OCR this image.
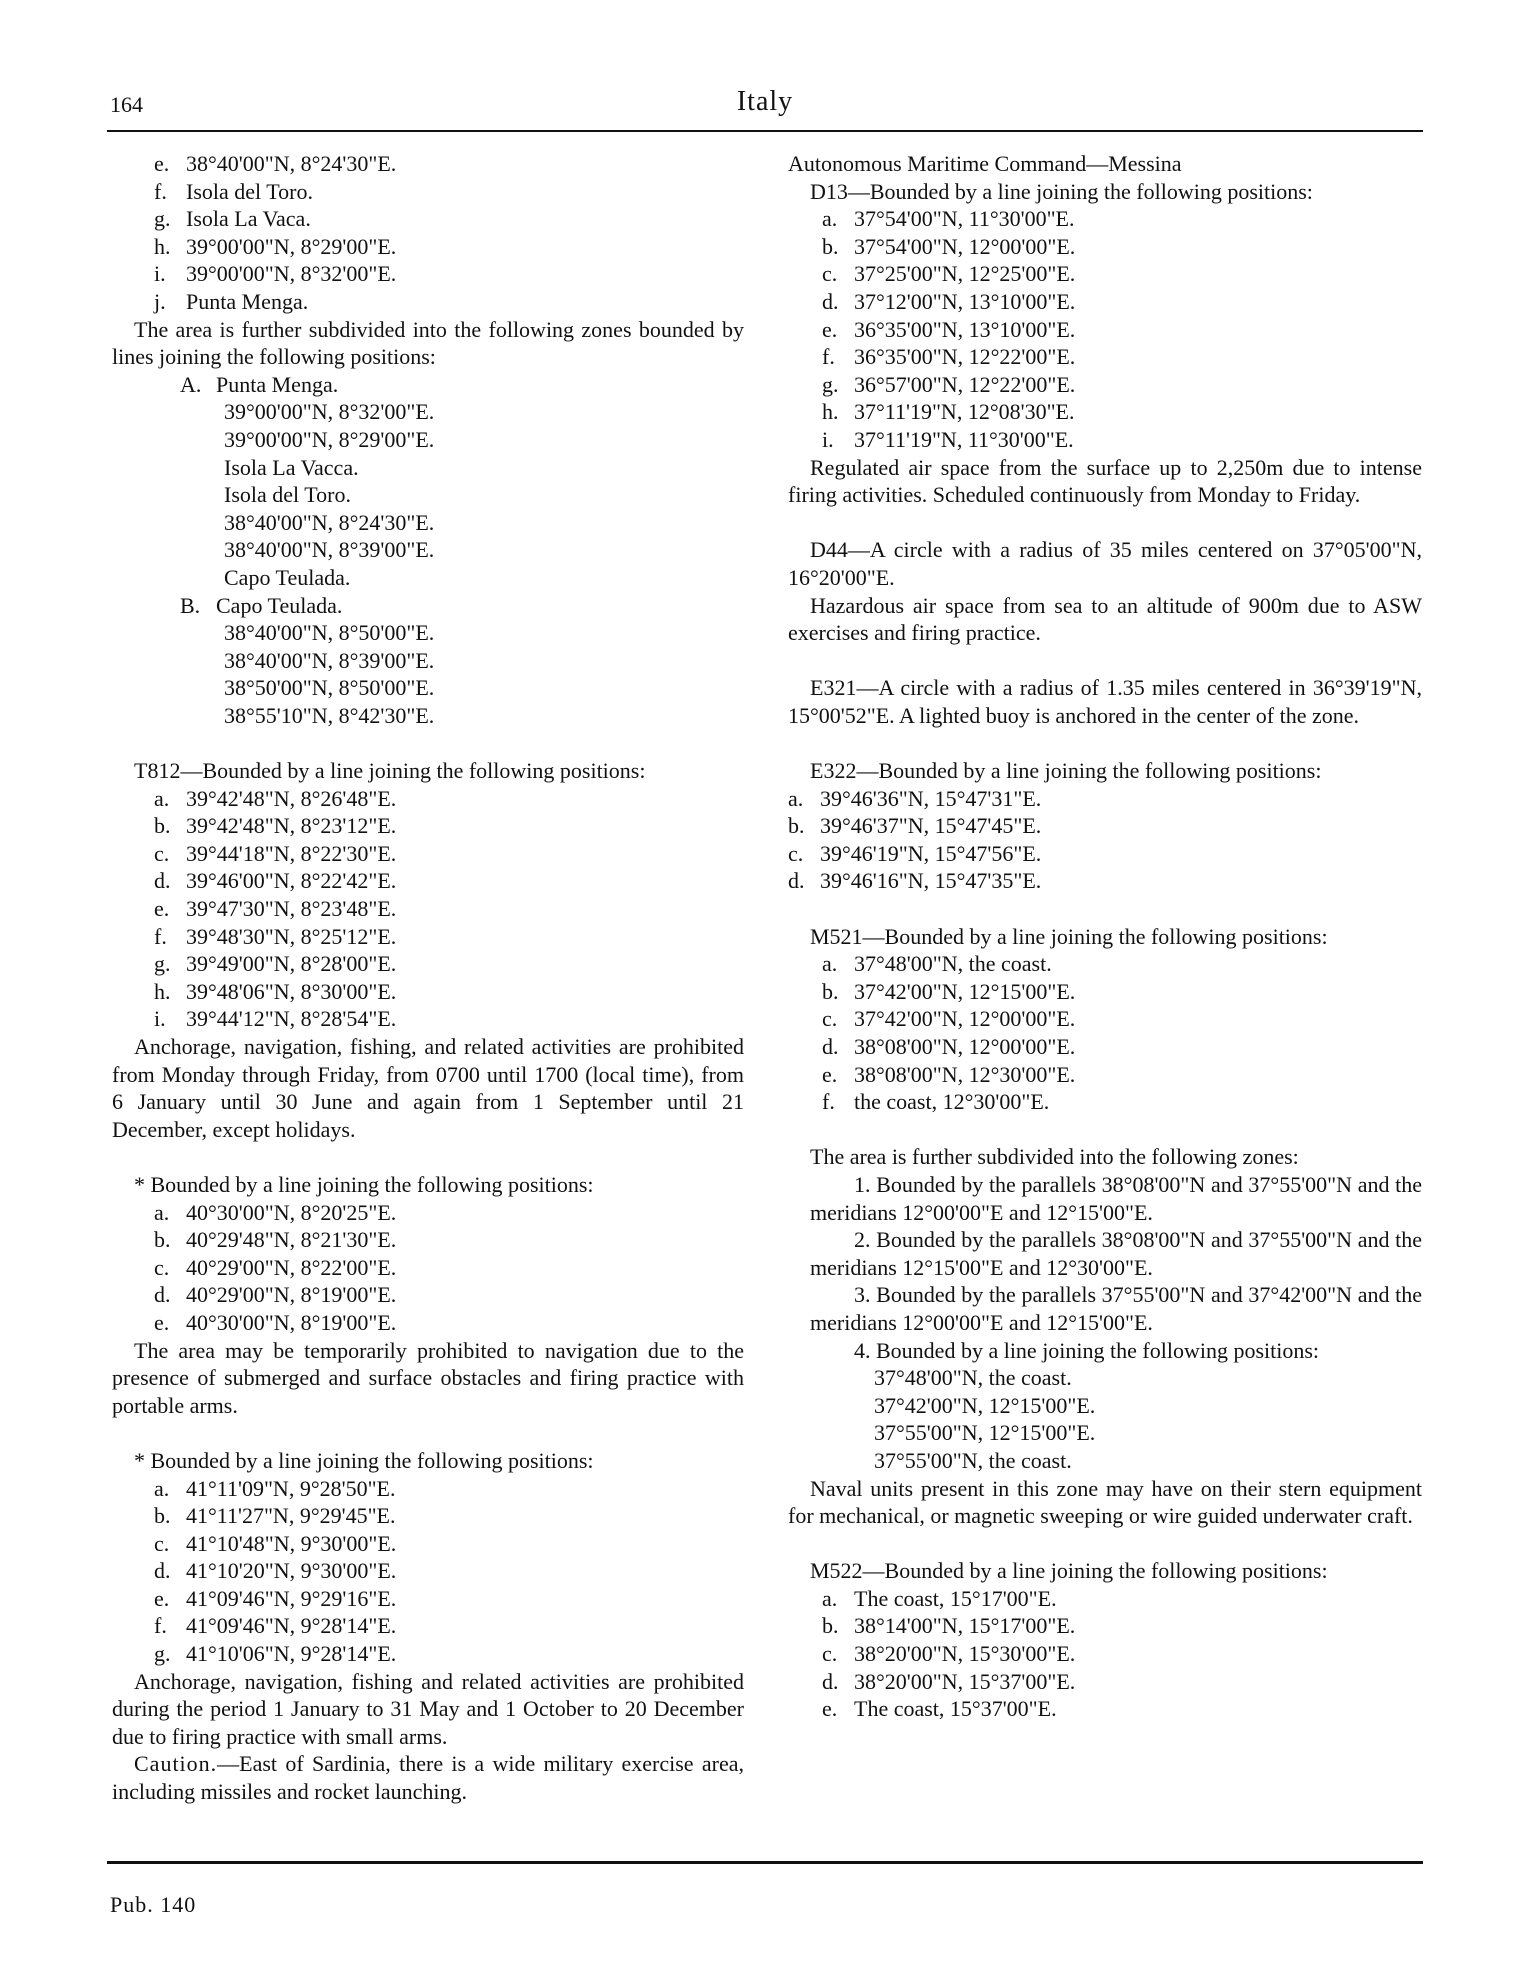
164	Italy
e. 38°40'00"N, 8°24'30"E.
f. Isola del Toro.
g. Isola La Vaca.
h. 39°00'00"N, 8°29'00"E.
i. 39°00'00"N, 8°32'00"E.
j. Punta Menga.

The area is further subdivided into the following zones bounded by lines joining the following positions:

A. Punta Menga.
39°00'00"N, 8°32'00"E.
39°00'00"N, 8°29'00"E.
Isola La Vacca.
Isola del Toro.
38°40'00"N, 8°24'30"E.
38°40'00"N, 8°39'00"E.
Capo Teulada.
B. Capo Teulada.
38°40'00"N, 8°50'00"E.
38°40'00"N, 8°39'00"E.
38°50'00"N, 8°50'00"E.
38°55'10"N, 8°42'30"E.
T812—Bounded by a line joining the following positions:
a. 39°42'48"N, 8°26'48"E.
b. 39°42'48"N, 8°23'12"E.
c. 39°44'18"N, 8°22'30"E.
d. 39°46'00"N, 8°22'42"E.
e. 39°47'30"N, 8°23'48"E.
f. 39°48'30"N, 8°25'12"E.
g. 39°49'00"N, 8°28'00"E.
h. 39°48'06"N, 8°30'00"E.
i. 39°44'12"N, 8°28'54"E.

Anchorage, navigation, fishing, and related activities are prohibited from Monday through Friday, from 0700 until 1700 (local time), from 6 January until 30 June and again from 1 September until 21 December, except holidays.

* Bounded by a line joining the following positions:
a. 40°30'00"N, 8°20'25"E.
b. 40°29'48"N, 8°21'30"E.
c. 40°29'00"N, 8°22'00"E.
d. 40°29'00"N, 8°19'00"E.
e. 40°30'00"N, 8°19'00"E.

The area may be temporarily prohibited to navigation due to the presence of submerged and surface obstacles and firing practice with portable arms.

* Bounded by a line joining the following positions:
a. 41°11'09"N, 9°28'50"E.
b. 41°11'27"N, 9°29'45"E.
c. 41°10'48"N, 9°30'00"E.
d. 41°10'20"N, 9°30'00"E.
e. 41°09'46"N, 9°29'16"E.
f. 41°09'46"N, 9°28'14"E.
g. 41°10'06"N, 9°28'14"E.

Anchorage, navigation, fishing and related activities are prohibited during the period 1 January to 31 May and 1 October to 20 December due to firing practice with small arms.

Caution.—East of Sardinia, there is a wide military exercise area, including missiles and rocket launching.

Autonomous Maritime Command—Messina
D13—Bounded by a line joining the following positions:
a. 37°54'00"N, 11°30'00"E.
b. 37°54'00"N, 12°00'00"E.
c. 37°25'00"N, 12°25'00"E.
d. 37°12'00"N, 13°10'00"E.
e. 36°35'00"N, 13°10'00"E.
f. 36°35'00"N, 12°22'00"E.
g. 36°57'00"N, 12°22'00"E.
h. 37°11'19"N, 12°08'30"E.
i. 37°11'19"N, 11°30'00"E.

Regulated air space from the surface up to 2,250m due to intense firing activities. Scheduled continuously from Monday to Friday.

D44—A circle with a radius of 35 miles centered on 37°05'00"N, 16°20'00"E.

Hazardous air space from sea to an altitude of 900m due to ASW exercises and firing practice.

E321—A circle with a radius of 1.35 miles centered in 36°39'19"N, 15°00'52"E. A lighted buoy is anchored in the center of the zone.

E322—Bounded by a line joining the following positions:
a. 39°46'36"N, 15°47'31"E.
b. 39°46'37"N, 15°47'45"E.
c. 39°46'19"N, 15°47'56"E.
d. 39°46'16"N, 15°47'35"E.
M521—Bounded by a line joining the following positions:
a. 37°48'00"N, the coast.
b. 37°42'00"N, 12°15'00"E.
c. 37°42'00"N, 12°00'00"E.
d. 38°08'00"N, 12°00'00"E.
e. 38°08'00"N, 12°30'00"E.
f. the coast, 12°30'00"E.
The area is further subdivided into the following zones:

1. Bounded by the parallels 38°08'00"N and 37°55'00"N and the meridians 12°00'00"E and 12°15'00"E.

2. Bounded by the parallels 38°08'00"N and 37°55'00"N and the meridians 12°15'00"E and 12°30'00"E.

3. Bounded by the parallels 37°55'00"N and 37°42'00"N and the meridians 12°00'00"E and 12°15'00"E.

4. Bounded by a line joining the following positions:
37°48'00"N, the coast.
37°42'00"N, 12°15'00"E.
37°55'00"N, 12°15'00"E.
37°55'00"N, the coast.

Naval units present in this zone may have on their stern equipment for mechanical, or magnetic sweeping or wire guided underwater craft.

M522—Bounded by a line joining the following positions:
a. The coast, 15°17'00"E.
b. 38°14'00"N, 15°17'00"E.
c. 38°20'00"N, 15°30'00"E.
d. 38°20'00"N, 15°37'00"E.
e. The coast, 15°37'00"E.
Pub. 140
